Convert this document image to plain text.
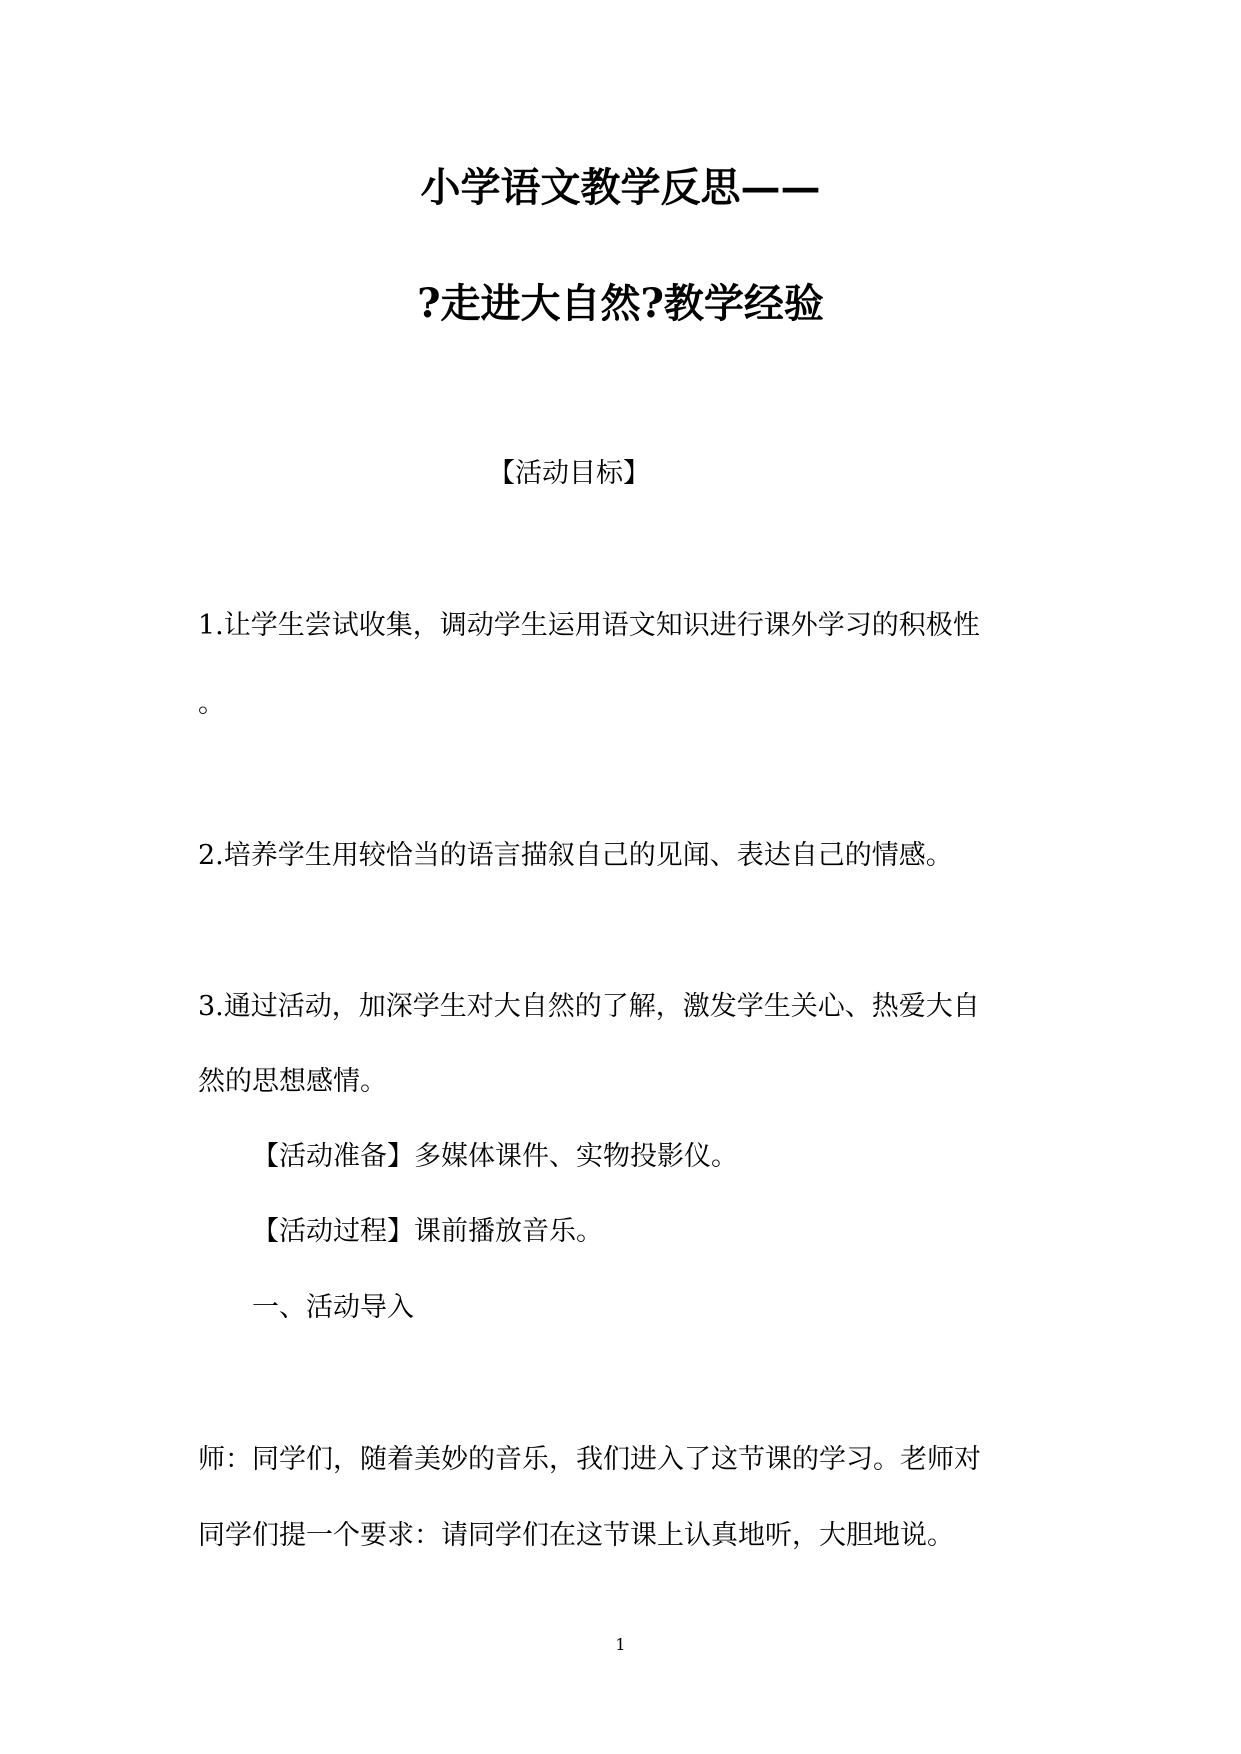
小学语文教学反思——
?走进大自然?教学经验
【活动目标】
1.让学生尝试收集，调动学生运用语文知识进行课外学习的积极性
。
2.培养学生用较恰当的语言描叙自己的见闻、表达自己的情感。
3.通过活动，加深学生对大自然的了解，激发学生关心、热爱大自
然的思想感情。
【活动准备】多媒体课件、实物投影仪。
【活动过程】课前播放音乐。
一、活动导入
师：同学们，随着美妙的音乐，我们进入了这节课的学习。老师对
同学们提一个要求：请同学们在这节课上认真地听，大胆地说。
1
